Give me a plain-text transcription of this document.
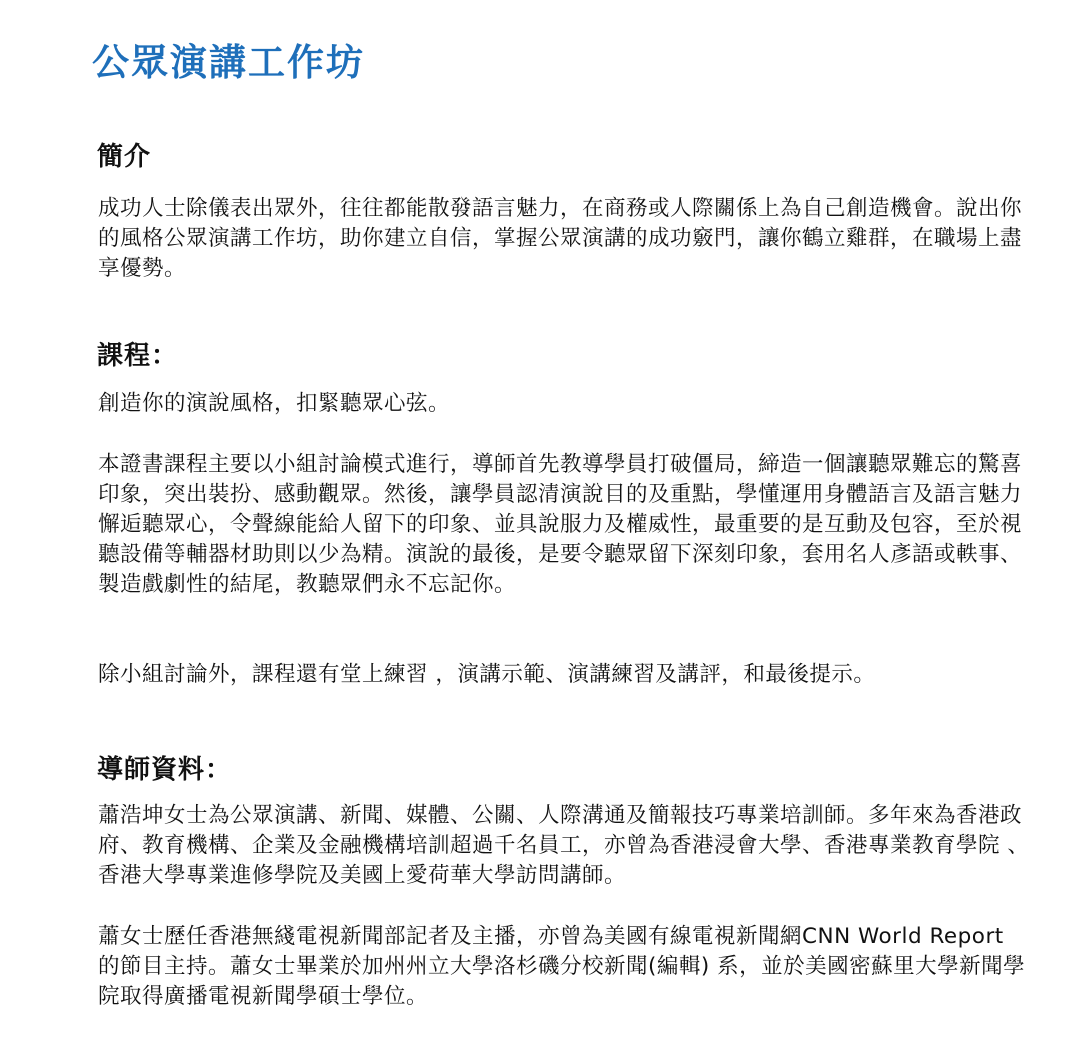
公眾演講工作坊
簡介

成功人士除儀表出眾外，往往都能散發語言魅力，在商務或人際關係上為自己創造機會。說出你的風格公眾演講工作坊，助你建立自信，掌握公眾演講的成功竅門，讓你鶴立雞群，在職場上盡享優勢。

課程：

創造你的演說風格，扣緊聽眾心弦。

本證書課程主要以小組討論模式進行，導師首先教導學員打破僵局，締造一個讓聽眾難忘的驚喜印象，突出裝扮、感動觀眾。然後，讓學員認清演說目的及重點，學懂運用身體語言及語言魅力懈逅聽眾心，令聲線能給人留下的印象、並具說服力及權威性，最重要的是互動及包容，至於視聽設備等輔器材助則以少為精。演說的最後，是要令聽眾留下深刻印象，套用名人彥語或軼事、製造戲劇性的結尾，教聽眾們永不忘記你。

除小組討論外，課程還有堂上練習 ，演講示範、演講練習及講評，和最後提示。

導師資料：

蕭浩坤女士為公眾演講、新聞、媒體、公關、人際溝通及簡報技巧專業培訓師。多年來為香港政府、教育機構、企業及金融機構培訓超過千名員工，亦曾為香港浸會大學、香港專業教育學院 、香港大學專業進修學院及美國上愛荷華大學訪問講師。

蕭女士歷任香港無綫電視新聞部記者及主播，亦曾為美國有線電視新聞網CNN World Report 的節目主持。蕭女士畢業於加州州立大學洛杉磯分校新聞(編輯) 系，並於美國密蘇里大學新聞學院取得廣播電視新聞學碩士學位。
